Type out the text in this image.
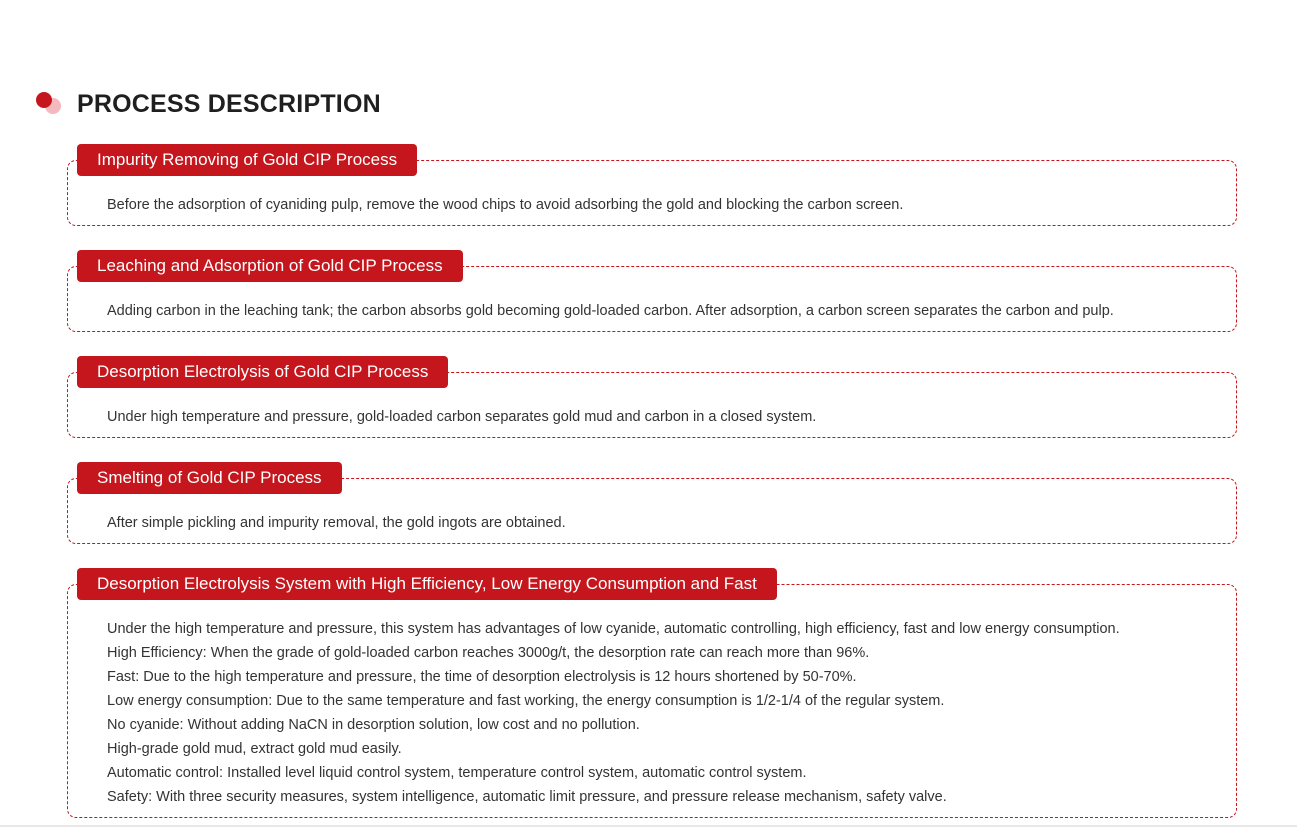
PROCESS DESCRIPTION
Impurity Removing of Gold CIP Process

Before the adsorption of cyaniding pulp, remove the wood chips to avoid adsorbing the gold and blocking the carbon screen.

Leaching and Adsorption of Gold CIP Process

Adding carbon in the leaching tank; the carbon absorbs gold becoming gold-loaded carbon. After adsorption, a carbon screen separates the carbon and pulp.

Desorption Electrolysis of Gold CIP Process

Under high temperature and pressure, gold-loaded carbon separates gold mud and carbon in a closed system.

Smelting of Gold CIP Process

After simple pickling and impurity removal, the gold ingots are obtained.

Desorption Electrolysis System with High Efficiency, Low Energy Consumption and Fast

Under the high temperature and pressure, this system has advantages of low cyanide, automatic controlling, high efficiency, fast and low energy consumption.

High Efficiency: When the grade of gold-loaded carbon reaches 3000g/t, the desorption rate can reach more than 96%.

Fast: Due to the high temperature and pressure, the time of desorption electrolysis is 12 hours shortened by 50-70%.

Low energy consumption: Due to the same temperature and fast working, the energy consumption is 1/2-1/4 of the regular system.

No cyanide: Without adding NaCN in desorption solution, low cost and no pollution.

High-grade gold mud, extract gold mud easily.

Automatic control: Installed level liquid control system, temperature control system, automatic control system.

Safety: With three security measures, system intelligence, automatic limit pressure, and pressure release mechanism, safety valve.
